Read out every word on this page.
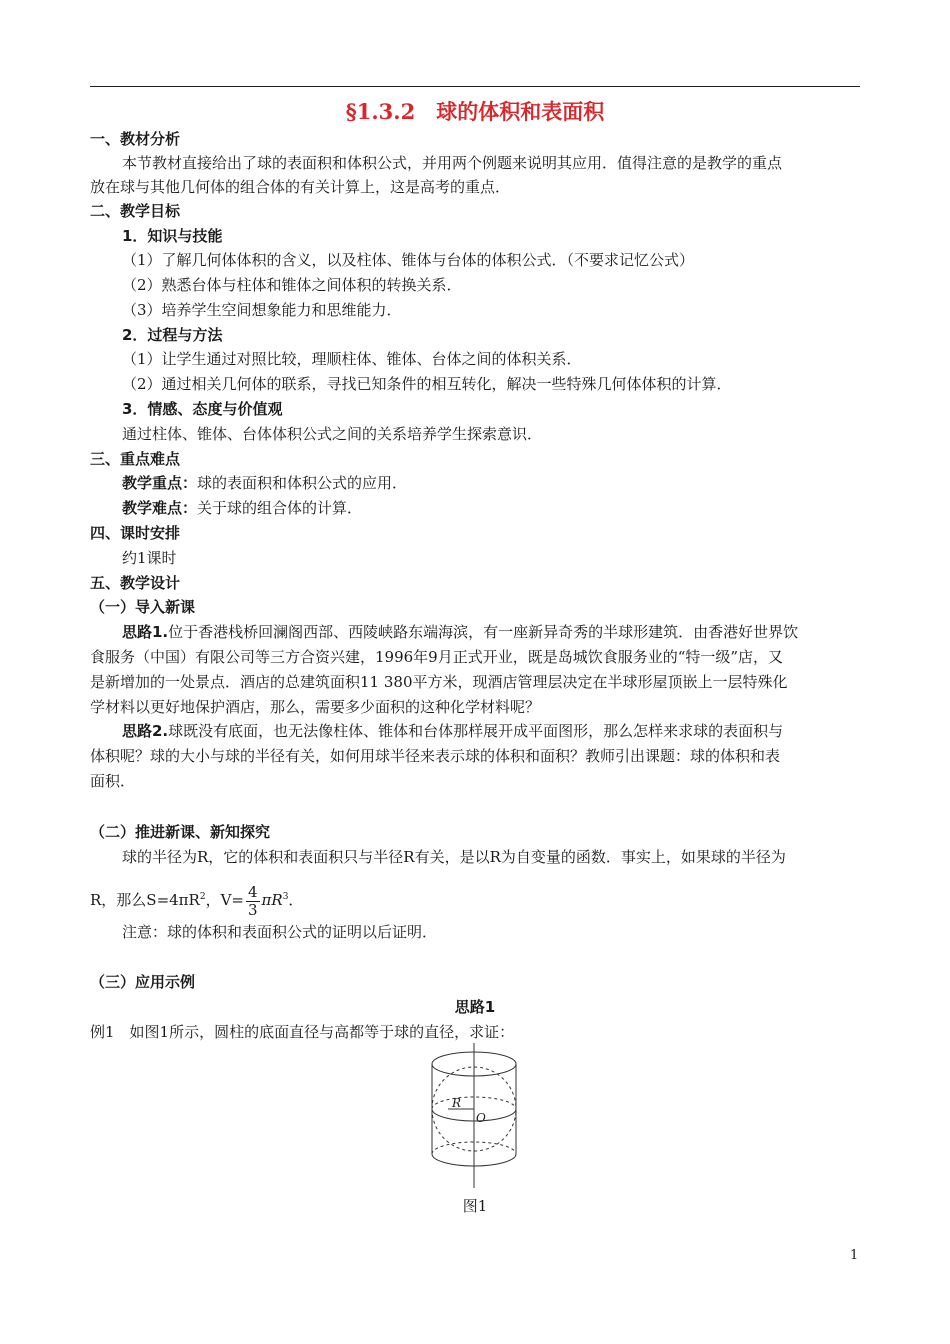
§1.3.2　球的体积和表面积
一、教材分析
本节教材直接给出了球的表面积和体积公式，并用两个例题来说明其应用．值得注意的是教学的重点
放在球与其他几何体的组合体的有关计算上，这是高考的重点．
二、教学目标
1．知识与技能
（1）了解几何体体积的含义，以及柱体、锥体与台体的体积公式．（不要求记忆公式）
（2）熟悉台体与柱体和锥体之间体积的转换关系．
（3）培养学生空间想象能力和思维能力．
2．过程与方法
（1）让学生通过对照比较，理顺柱体、锥体、台体之间的体积关系．
（2）通过相关几何体的联系，寻找已知条件的相互转化，解决一些特殊几何体体积的计算．
3．情感、态度与价值观
通过柱体、锥体、台体体积公式之间的关系培养学生探索意识．
三、重点难点
教学重点：球的表面积和体积公式的应用．
教学难点：关于球的组合体的计算．
四、课时安排
约1课时
五、教学设计
（一）导入新课
思路1.位于香港栈桥回澜阁西部、西陵峡路东端海滨，有一座新异奇秀的半球形建筑．由香港好世界饮
食服务（中国）有限公司等三方合资兴建，1996年9月正式开业，既是岛城饮食服务业的“特一级”店，又
是新增加的一处景点．酒店的总建筑面积11 380平方米，现酒店管理层决定在半球形屋顶嵌上一层特殊化
学材料以更好地保护酒店，那么，需要多少面积的这种化学材料呢？
思路2.球既没有底面，也无法像柱体、锥体和台体那样展开成平面图形，那么怎样来求球的表面积与
体积呢？球的大小与球的半径有关，如何用球半径来表示球的体积和面积？教师引出课题：球的体积和表
面积．
（二）推进新课、新知探究
球的半径为R，它的体积和表面积只与半径R有关，是以R为自变量的函数．事实上，如果球的半径为
R，那么$S=4\pi R^2$，$V= \frac{4}{3} \pi R^3$．
注意：球的体积和表面积公式的证明以后证明．
（三）应用示例
思路1
例1　如图1所示，圆柱的底面直径与高都等于球的直径，求证：
R
O
图1
1
